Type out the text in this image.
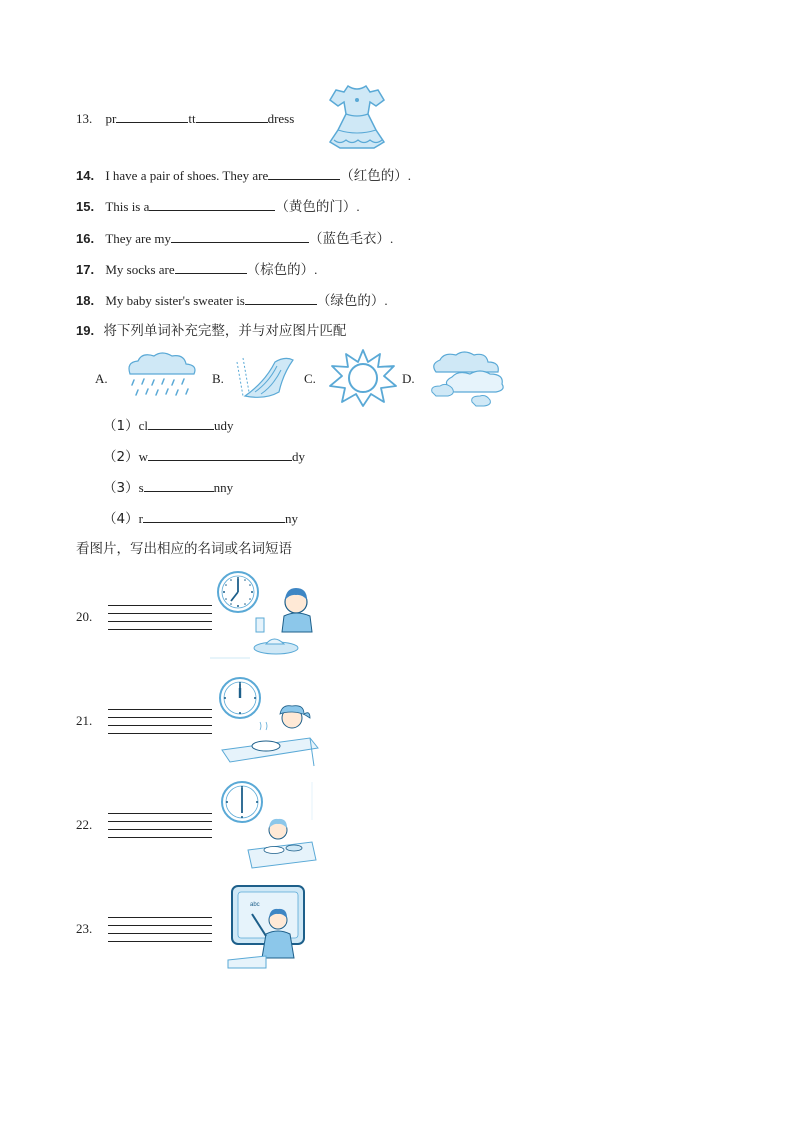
13. pr	tt	dress
14. I have a pair of shoes. They are	（红色的）.
15. This is a	（黄色的门）.
16. They are my	（蓝色毛衣）.
17. My socks are	（棕色的）.
18. My baby sister's sweater is	（绿色的）.
19. 将下列单词补充完整，并与对应图片匹配
A.	B.	C.	D.
（1）cl	udy
（2）w	dy
（3）s	nny
（4）r	ny
看图片，写出相应的名词或名词短语
20.
21.
22.
23.
abc
